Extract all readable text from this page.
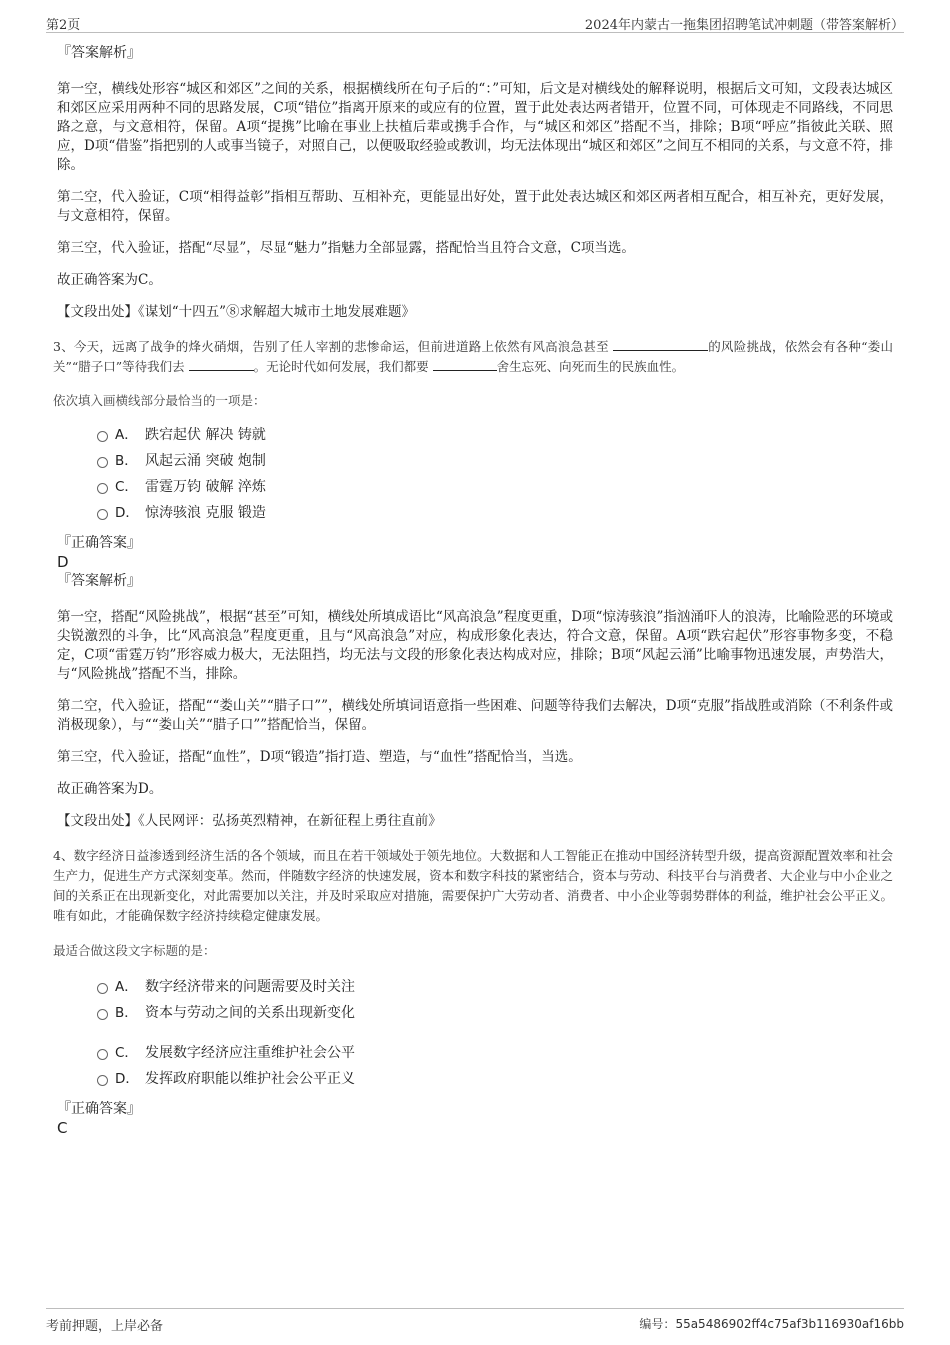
第2页	2024年内蒙古一拖集团招聘笔试冲刺题（带答案解析）

『答案解析』

第一空，横线处形容“城区和郊区”之间的关系，根据横线所在句子后的“：”可知，后文是对横线处的解释说明，根据后文可知，文段表达城区和郊区应采用两种不同的思路发展，C项“错位”指离开原来的或应有的位置，置于此处表达两者错开，位置不同，可体现走不同路线，不同思路之意，与文意相符，保留。A项“提携”比喻在事业上扶植后辈或携手合作，与“城区和郊区”搭配不当，排除；B项“呼应”指彼此关联、照应，D项“借鉴”指把别的人或事当镜子，对照自己，以便吸取经验或教训，均无法体现出“城区和郊区”之间互不相同的关系，与文意不符，排除。

第二空，代入验证，C项“相得益彰”指相互帮助、互相补充，更能显出好处，置于此处表达城区和郊区两者相互配合，相互补充，更好发展，与文意相符，保留。

第三空，代入验证，搭配“尽显”，尽显“魅力”指魅力全部显露，搭配恰当且符合文意，C项当选。

故正确答案为C。

【文段出处】《谋划“十四五”⑧求解超大城市土地发展难题》

3、今天，远离了战争的烽火硝烟，告别了任人宰割的悲惨命运，但前进道路上依然有风高浪急甚至	的风险挑战，依然会有各种“娄山关”“腊子口”等待我们去	。无论时代如何发展，我们都要	舍生忘死、向死而生的民族血性。

依次填入画横线部分最恰当的一项是：

A． 跌宕起伏 解决 铸就
B． 风起云涌 突破 炮制
C． 雷霆万钧 破解 淬炼
D． 惊涛骇浪 克服 锻造

『正确答案』

D

『答案解析』

第一空，搭配“风险挑战”，根据“甚至”可知，横线处所填成语比“风高浪急”程度更重，D项“惊涛骇浪”指汹涌吓人的浪涛，比喻险恶的环境或尖锐激烈的斗争，比“风高浪急”程度更重，且与“风高浪急”对应，构成形象化表达，符合文意，保留。A项“跌宕起伏”形容事物多变，不稳定，C项“雷霆万钧”形容威力极大，无法阻挡，均无法与文段的形象化表达构成对应，排除；B项“风起云涌”比喻事物迅速发展，声势浩大，与“风险挑战”搭配不当，排除。

第二空，代入验证，搭配““娄山关”“腊子口””，横线处所填词语意指一些困难、问题等待我们去解决，D项“克服”指战胜或消除（不利条件或消极现象），与““娄山关”“腊子口””搭配恰当，保留。

第三空，代入验证，搭配“血性”，D项“锻造”指打造、塑造，与“血性”搭配恰当，当选。

故正确答案为D。

【文段出处】《人民网评：弘扬英烈精神，在新征程上勇往直前》

4、数字经济日益渗透到经济生活的各个领域，而且在若干领域处于领先地位。大数据和人工智能正在推动中国经济转型升级，提高资源配置效率和社会生产力，促进生产方式深刻变革。然而，伴随数字经济的快速发展，资本和数字科技的紧密结合，资本与劳动、科技平台与消费者、大企业与中小企业之间的关系正在出现新变化，对此需要加以关注，并及时采取应对措施，需要保护广大劳动者、消费者、中小企业等弱势群体的利益，维护社会公平正义。唯有如此，才能确保数字经济持续稳定健康发展。

最适合做这段文字标题的是：

A． 数字经济带来的问题需要及时关注
B． 资本与劳动之间的关系出现新变化
C． 发展数字经济应注重维护社会公平
D． 发挥政府职能以维护社会公平正义

『正确答案』

C

考前押题，上岸必备	编号：55a5486902ff4c75af3b116930af16bb
